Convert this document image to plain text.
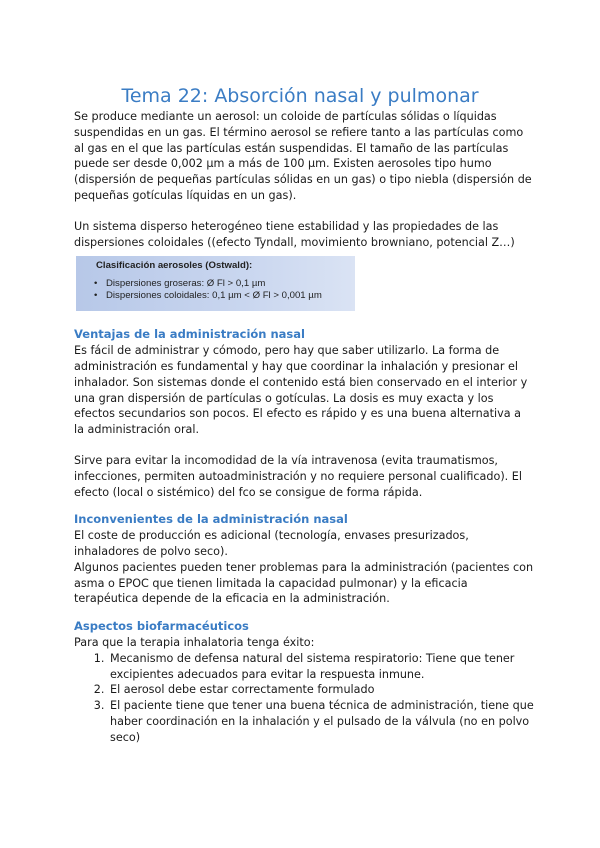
Tema 22: Absorción nasal y pulmonar

Se produce mediante un aerosol: un coloide de partículas sólidas o líquidas suspendidas en un gas. El término aerosol se refiere tanto a las partículas como al gas en el que las partículas están suspendidas. El tamaño de las partículas puede ser desde 0,002 µm a más de 100 µm. Existen aerosoles tipo humo (dispersión de pequeñas partículas sólidas en un gas) o tipo niebla (dispersión de pequeñas gotículas líquidas en un gas).

Un sistema disperso heterogéneo tiene estabilidad y las propiedades de las dispersiones coloidales ((efecto Tyndall, movimiento browniano, potencial Z…)

Clasificación aerosoles (Ostwald):
• Dispersiones groseras: Ø Fl > 0,1 µm
• Dispersiones coloidales: 0,1 µm < Ø Fl > 0,001 µm
Ventajas de la administración nasal

Es fácil de administrar y cómodo, pero hay que saber utilizarlo. La forma de administración es fundamental y hay que coordinar la inhalación y presionar el inhalador. Son sistemas donde el contenido está bien conservado en el interior y una gran dispersión de partículas o gotículas. La dosis es muy exacta y los efectos secundarios son pocos. El efecto es rápido y es una buena alternativa a la administración oral.

Sirve para evitar la incomodidad de la vía intravenosa (evita traumatismos, infecciones, permiten autoadministración y no requiere personal cualificado). El efecto (local o sistémico) del fco se consigue de forma rápida.

Inconvenientes de la administración nasal

El coste de producción es adicional (tecnología, envases presurizados, inhaladores de polvo seco).

Algunos pacientes pueden tener problemas para la administración (pacientes con asma o EPOC que tienen limitada la capacidad pulmonar) y la eficacia terapéutica depende de la eficacia en la administración.

Aspectos biofarmacéuticos

Para que la terapia inhalatoria tenga éxito:

1. Mecanismo de defensa natural del sistema respiratorio: Tiene que tener excipientes adecuados para evitar la respuesta inmune.
2. El aerosol debe estar correctamente formulado
3. El paciente tiene que tener una buena técnica de administración, tiene que haber coordinación en la inhalación y el pulsado de la válvula (no en polvo seco)
